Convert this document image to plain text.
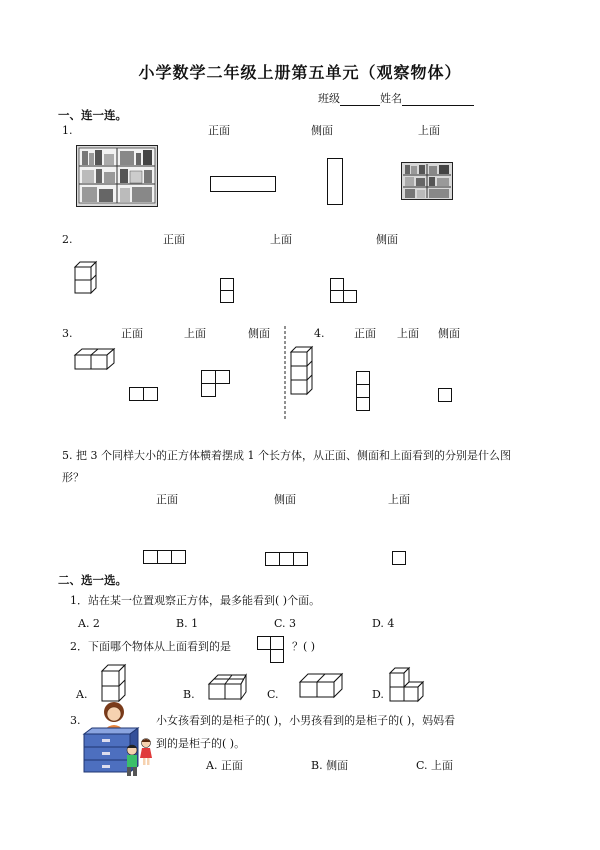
小学数学二年级上册第五单元（观察物体）
班级	姓名
一、连一连。
1.	正面	侧面	上面
2.	正面	上面	侧面
3.	正面	上面	侧面	4.	正面 上面 侧面
5. 把 3 个同样大小的正方体横着摆成 1 个长方体，从正面、侧面和上面看到的分别是什么图
形？
正面	侧面	上面
二、选一选。
1．站在某一位置观察正方体，最多能看到( )个面。
A. 2	B. 1	C. 3	D. 4
2．下面哪个物体从上面看到的是	？( )
A.	B.	C.	D.
3.	小女孩看到的是柜子的( )，小男孩看到的是柜子的( )，妈妈看
到的是柜子的( )。
A. 正面	B. 侧面	C. 上面
